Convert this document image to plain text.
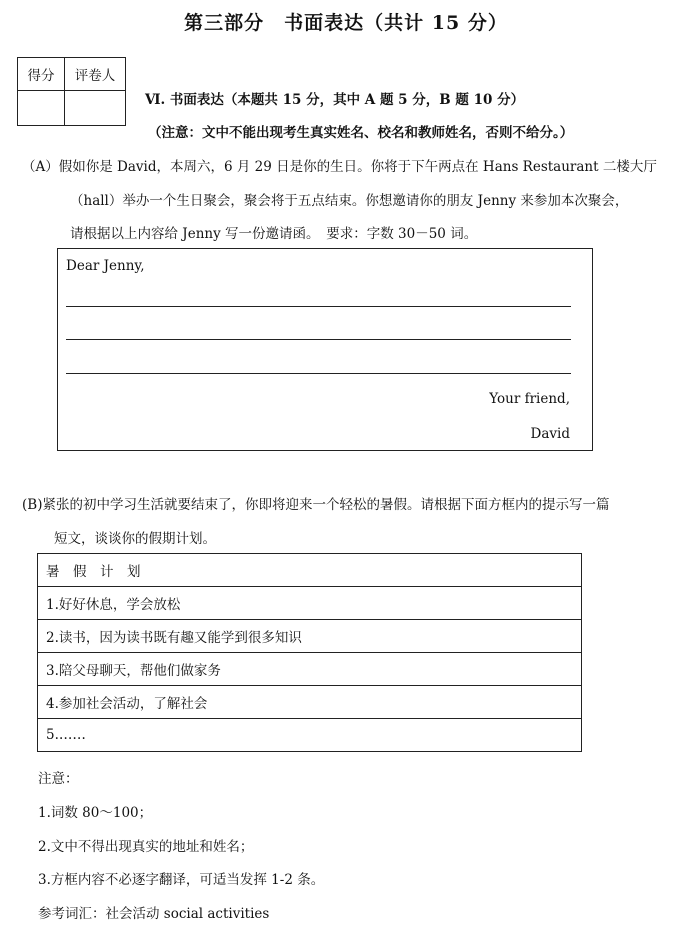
第三部分　书面表达（共计 15 分）
得分	评卷人

Ⅵ. 书面表达（本题共 15 分，其中 A 题 5 分，B 题 10 分）
（注意：文中不能出现考生真实姓名、校名和教师姓名，否则不给分。）
（A）假如你是 David，本周六，6 月 29 日是你的生日。你将于下午两点在 Hans Restaurant 二楼大厅
（hall）举办一个生日聚会，聚会将于五点结束。你想邀请你的朋友 Jenny 来参加本次聚会，
请根据以上内容给 Jenny 写一份邀请函。　要求：字数 30－50 词。
Dear Jenny,
Your friend,
David
(B)紧张的初中学习生活就要结束了，你即将迎来一个轻松的暑假。请根据下面方框内的提示写一篇
短文，谈谈你的假期计划。
暑　假　计　划
1.好好休息，学会放松
2.读书，因为读书既有趣又能学到很多知识
3.陪父母聊天，帮他们做家务
4.参加社会活动，了解社会
5.……
注意：
1.词数 80～100；
2.文中不得出现真实的地址和姓名；
3.方框内容不必逐字翻译，可适当发挥 1-2 条。
参考词汇：社会活动 social activities
